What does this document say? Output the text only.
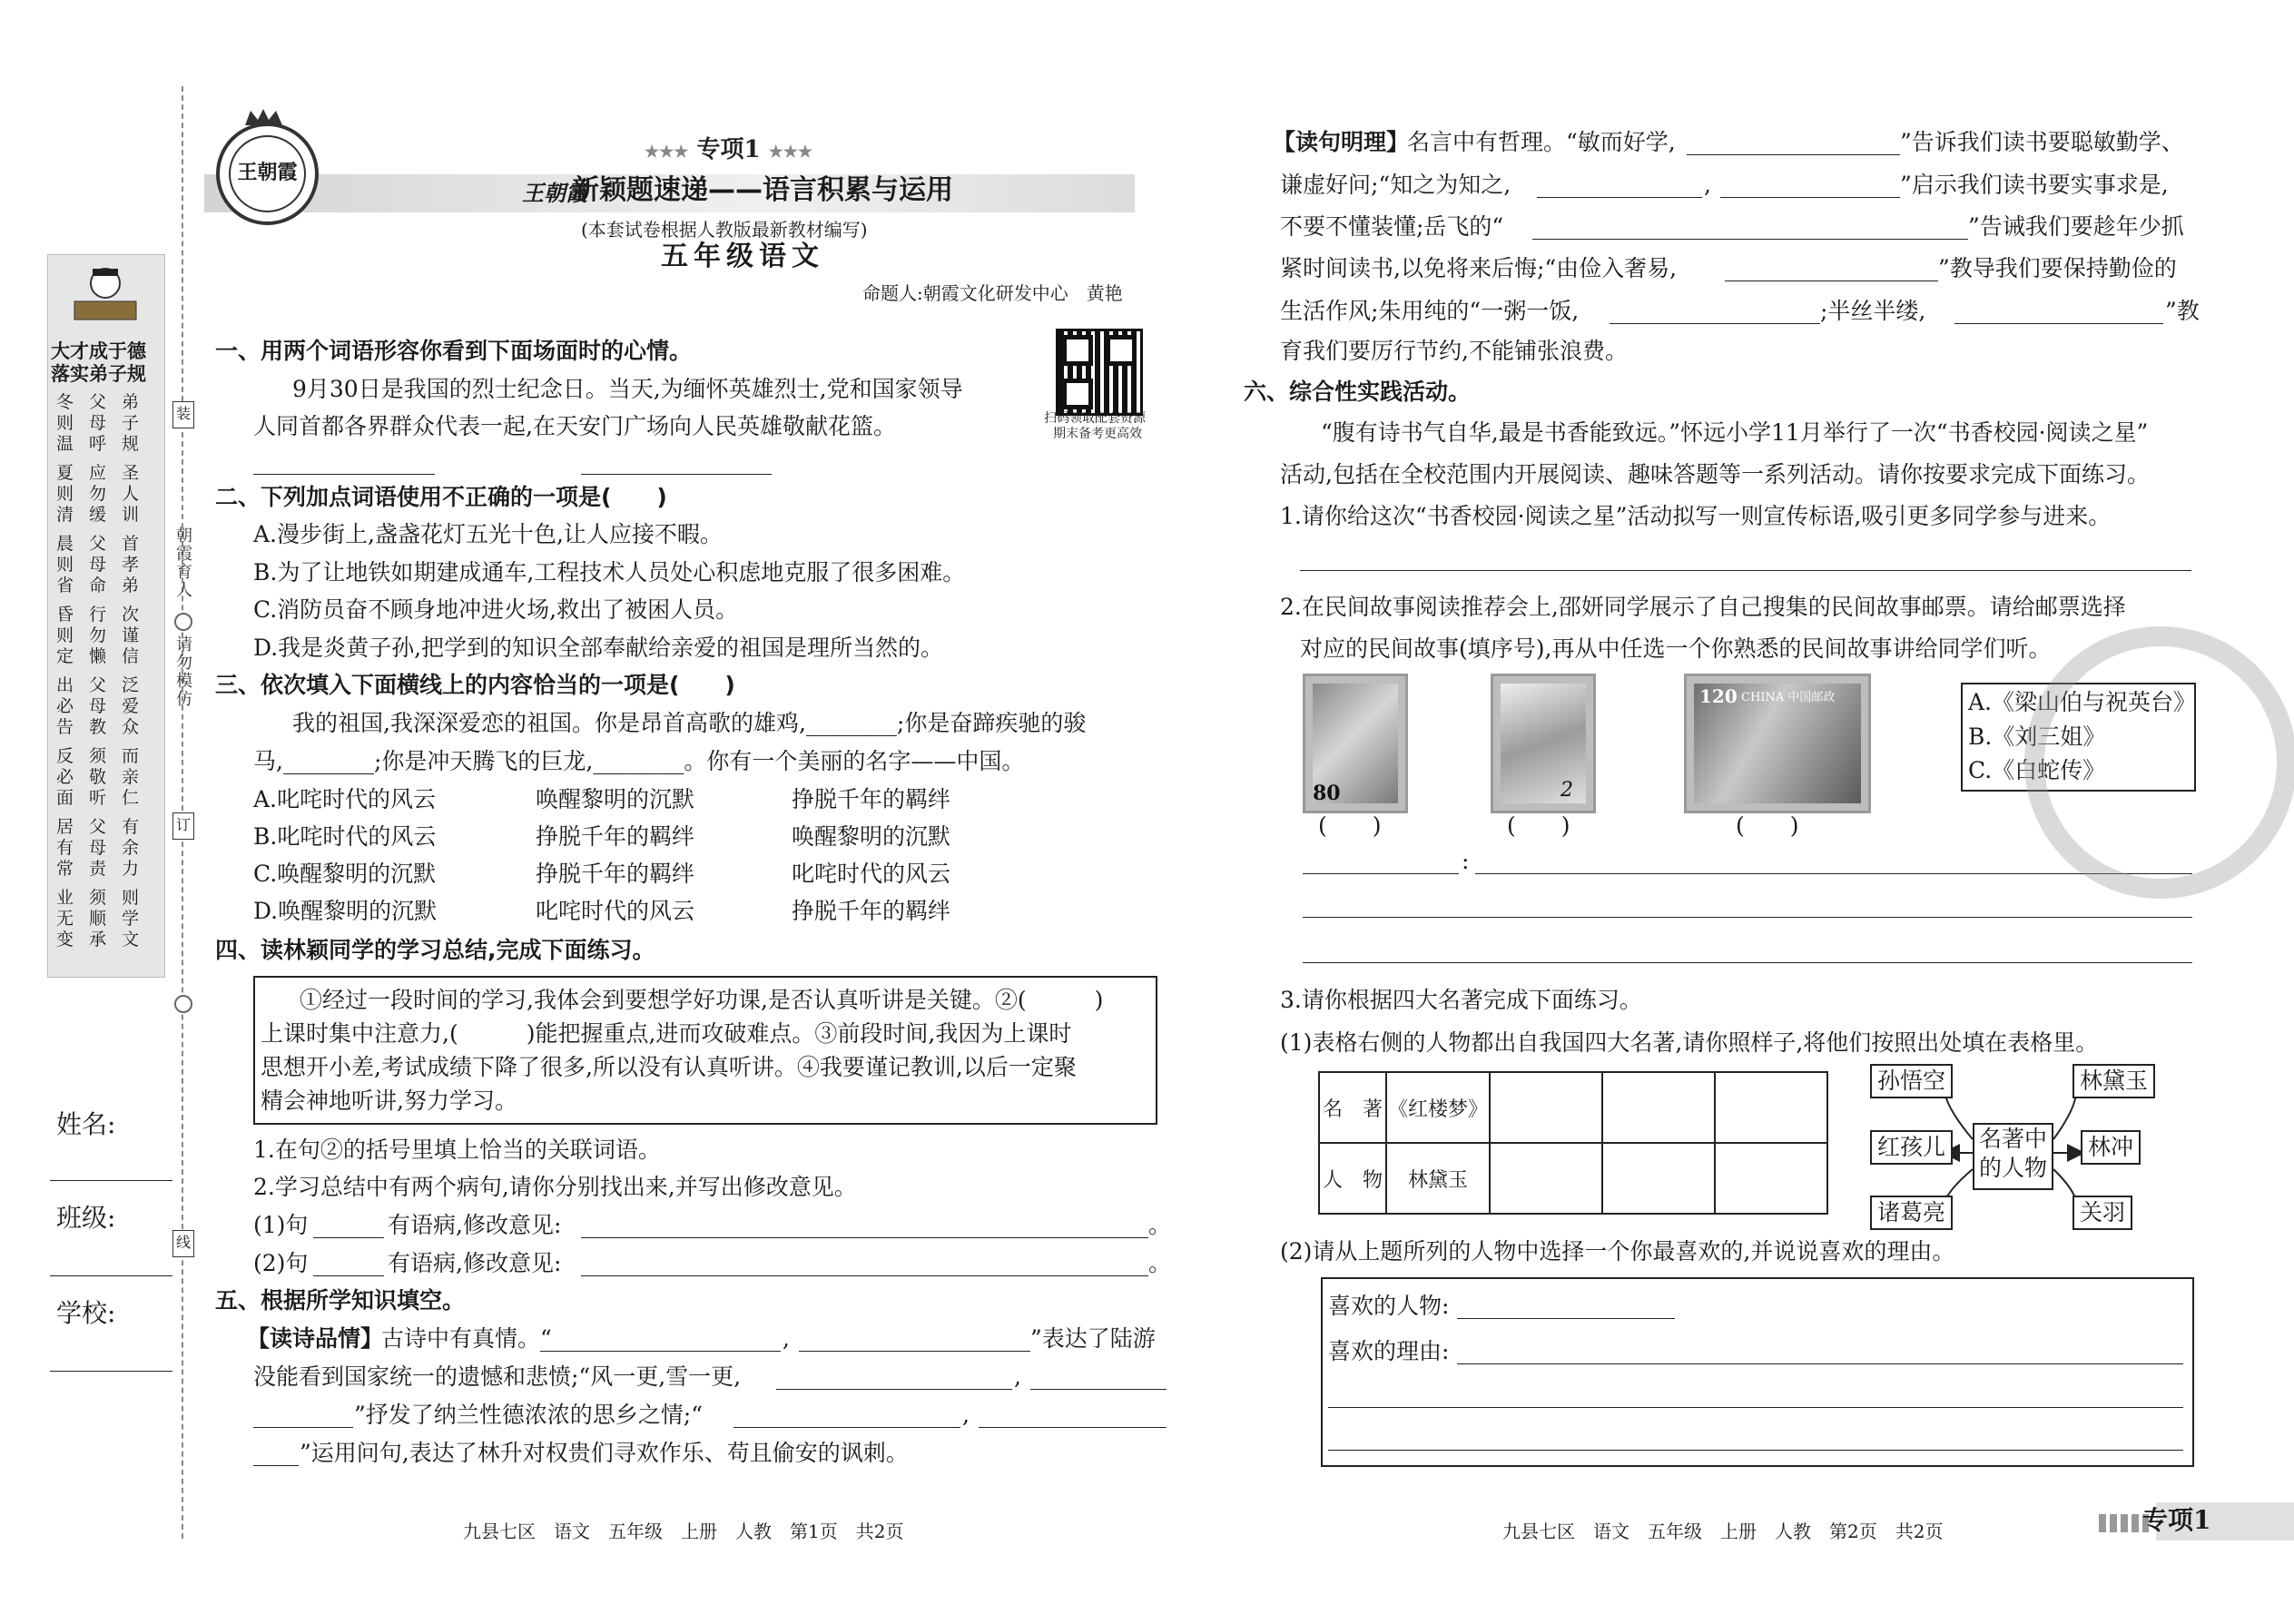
大才成于德
落实弟子规
冬则温
夏则清
晨则省
昏则定
出必告
反必面
居有常
业无变
父母呼
应勿缓
父母命
行勿懒
父母教
须敬听
父母责
须顺承
弟子规
圣人训
首孝弟
次谨信
泛爱众
而亲仁
有余力
则学文
装
朝霞育人
请勿模仿
订
线
姓名:
班级:
学校:
王朝霞
★★★ 专项1 ★★★
王朝霞
新颖题速递——语言积累与运用
(本套试卷根据人教版最新教材编写)
五年级语文
命题人:朝霞文化研发中心　黄艳
扫码领取配套资源
期末备考更高效
一、用两个词语形容你看到下面场面时的心情。
9月30日是我国的烈士纪念日。当天,为缅怀英雄烈士,党和国家领导
人同首都各界群众代表一起,在天安门广场向人民英雄敬献花篮。
二、下列加点词语使用不正确的一项是(　　)
A.漫步街上,盏盏花灯五光十色,让人应接不暇。
B.为了让地铁如期建成通车,工程技术人员处心积虑地克服了很多困难。
C.消防员奋不顾身地冲进火场,救出了被困人员。
D.我是炎黄子孙,把学到的知识全部奉献给亲爱的祖国是理所当然的。
三、依次填入下面横线上的内容恰当的一项是(　　)
我的祖国,我深深爱恋的祖国。你是昂首高歌的雄鸡,________;你是奋蹄疾驰的骏
马,________;你是冲天腾飞的巨龙,________。你有一个美丽的名字——中国。
A.叱咤时代的风云	唤醒黎明的沉默	挣脱千年的羁绊
B.叱咤时代的风云	挣脱千年的羁绊	唤醒黎明的沉默
C.唤醒黎明的沉默	挣脱千年的羁绊	叱咤时代的风云
D.唤醒黎明的沉默	叱咤时代的风云	挣脱千年的羁绊
四、读林颖同学的学习总结,完成下面练习。
①经过一段时间的学习,我体会到要想学好功课,是否认真听讲是关键。②(　　　)
上课时集中注意力,(　　　)能把握重点,进而攻破难点。③前段时间,我因为上课时
思想开小差,考试成绩下降了很多,所以没有认真听讲。④我要谨记教训,以后一定聚
精会神地听讲,努力学习。
1.在句②的括号里填上恰当的关联词语。
2.学习总结中有两个病句,请你分别找出来,并写出修改意见。
(1)句	有语病,修改意见:	。
(2)句	有语病,修改意见:	。
五、根据所学知识填空。
【读诗品情】
古诗中有真情。“	,	”表达了陆游
没能看到国家统一的遗憾和悲愤;“风一更,雪一更,	,
”抒发了纳兰性德浓浓的思乡之情;“	,
”运用问句,表达了林升对权贵们寻欢作乐、苟且偷安的讽刺。
九县七区　语文　五年级　上册　人教　第1页　共2页
【读句明理】
名言中有哲理。“敏而好学,	”告诉我们读书要聪敏勤学、
谦虚好问;“知之为知之,	,	”启示我们读书要实事求是,
不要不懂装懂;岳飞的“	”告诫我们要趁年少抓
紧时间读书,以免将来后悔;“由俭入奢易,	”教导我们要保持勤俭的
生活作风;朱用纯的“一粥一饭,	;半丝半缕,	”教
育我们要厉行节约,不能铺张浪费。
六、综合性实践活动。
“腹有诗书气自华,最是书香能致远。”怀远小学11月举行了一次“书香校园·阅读之星”
活动,包括在全校范围内开展阅读、趣味答题等一系列活动。请你按要求完成下面练习。
1.请你给这次“书香校园·阅读之星”活动拟写一则宣传标语,吸引更多同学参与进来。
2.在民间故事阅读推荐会上,邵妍同学展示了自己搜集的民间故事邮票。请给邮票选择
对应的民间故事(填序号),再从中任选一个你熟悉的民间故事讲给同学们听。
80	2
120 CHINA 中国邮政
(　　)	(　　)	(　　)
A.《梁山伯与祝英台》
B.《刘三姐》
C.《白蛇传》
:
3.请你根据四大名著完成下面练习。
(1)表格右侧的人物都出自我国四大名著,请你照样子,将他们按照出处填在表格里。
名　著	《红楼梦》			
人　物	林黛玉			
名著中
的人物
孙悟空	林黛玉
红孩儿	林冲
诸葛亮	关羽
(2)请从上题所列的人物中选择一个你最喜欢的,并说说喜欢的理由。
喜欢的人物:
喜欢的理由:
九县七区　语文　五年级　上册　人教　第2页　共2页	专项1
